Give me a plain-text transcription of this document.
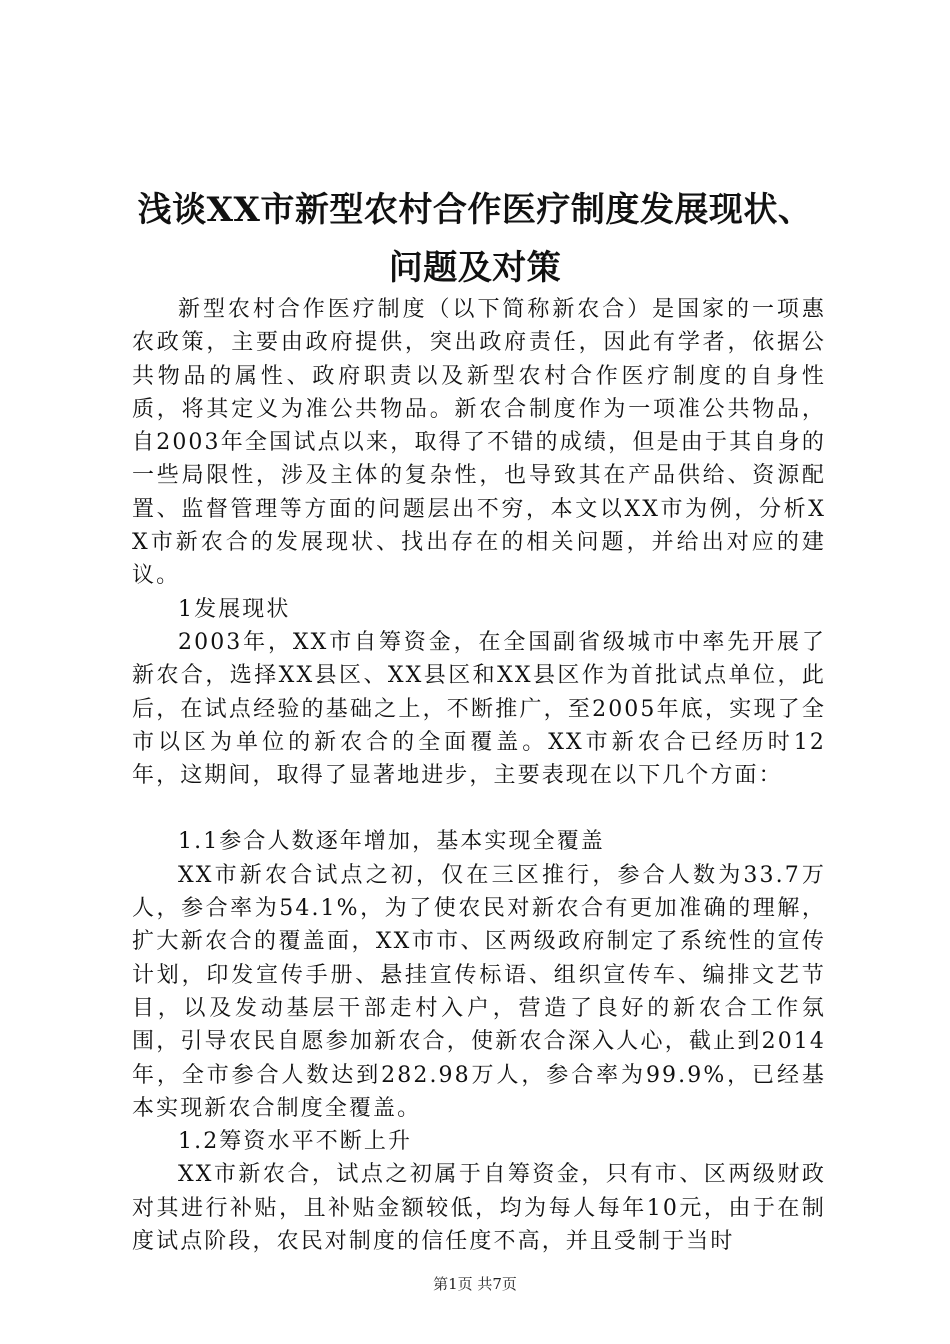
浅谈XX市新型农村合作医疗制度发展现状、
问题及对策

新型农村合作医疗制度（以下简称新农合）是国家的一项惠农政策，主要由政府提供，突出政府责任，因此有学者，依据公共物品的属性、政府职责以及新型农村合作医疗制度的自身性质，将其定义为准公共物品。新农合制度作为一项准公共物品，自2003年全国试点以来，取得了不错的成绩，但是由于其自身的一些局限性，涉及主体的复杂性，也导致其在产品供给、资源配置、监督管理等方面的问题层出不穷，本文以XX市为例，分析XX市新农合的发展现状、找出存在的相关问题，并给出对应的建议。

1发展现状

2003年，XX市自筹资金，在全国副省级城市中率先开展了新农合，选择XX县区、XX县区和XX县区作为首批试点单位，此后，在试点经验的基础之上，不断推广，至2005年底，实现了全市以区为单位的新农合的全面覆盖。XX市新农合已经历时12年，这期间，取得了显著地进步，主要表现在以下几个方面：

1.1参合人数逐年增加，基本实现全覆盖

XX市新农合试点之初，仅在三区推行，参合人数为33.7万人，参合率为54.1%，为了使农民对新农合有更加准确的理解，扩大新农合的覆盖面，XX市市、区两级政府制定了系统性的宣传计划，印发宣传手册、悬挂宣传标语、组织宣传车、编排文艺节目，以及发动基层干部走村入户，营造了良好的新农合工作氛围，引导农民自愿参加新农合，使新农合深入人心，截止到2014年，全市参合人数达到282.98万人，参合率为99.9%，已经基本实现新农合制度全覆盖。

1.2筹资水平不断上升

XX市新农合，试点之初属于自筹资金，只有市、区两级财政对其进行补贴，且补贴金额较低，均为每人每年10元，由于在制度试点阶段，农民对制度的信任度不高，并且受制于当时

第1页 共7页
